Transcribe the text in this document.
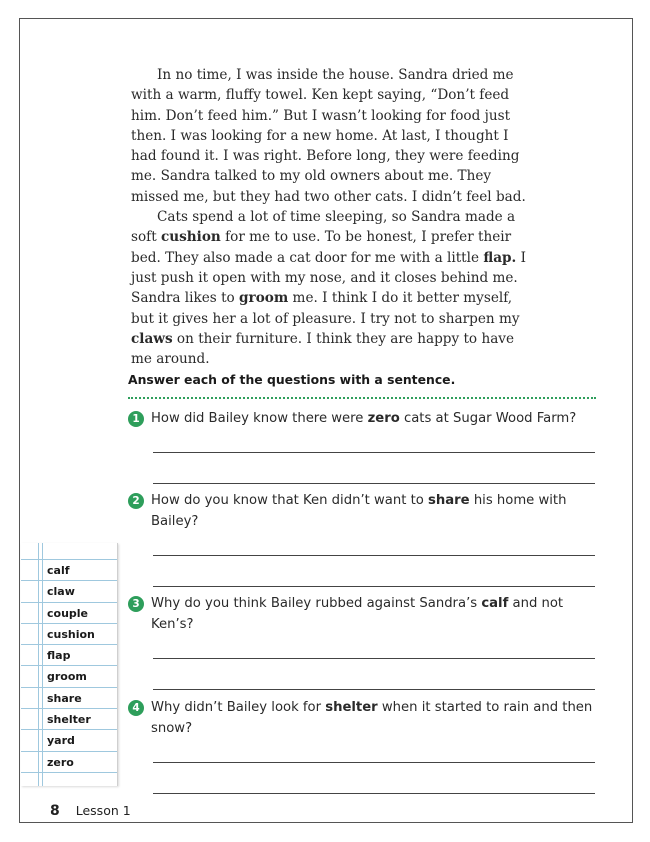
In no time, I was inside the house. Sandra dried me with a warm, fluffy towel. Ken kept saying, “Don’t feed him. Don’t feed him.” But I wasn’t looking for food just then. I was looking for a new home. At last, I thought I had found it. I was right. Before long, they were feeding me. Sandra talked to my old owners about me. They missed me, but they had two other cats. I didn’t feel bad.

Cats spend a lot of time sleeping, so Sandra made a soft cushion for me to use. To be honest, I prefer their bed. They also made a cat door for me with a little flap. I just push it open with my nose, and it closes behind me. Sandra likes to groom me. I think I do it better myself, but it gives her a lot of pleasure. I try not to sharpen my claws on their furniture. I think they are happy to have me around.

Answer each of the questions with a sentence.
1 How did Bailey know there were zero cats at Sugar Wood Farm?
2 How do you know that Ken didn’t want to share his home with Bailey?
3 Why do you think Bailey rubbed against Sandra’s calf and not Ken’s?
4 Why didn’t Bailey look for shelter when it started to rain and then snow?
calf
claw
couple
cushion
flap
groom
share
shelter
yard
zero
8 Lesson 1
